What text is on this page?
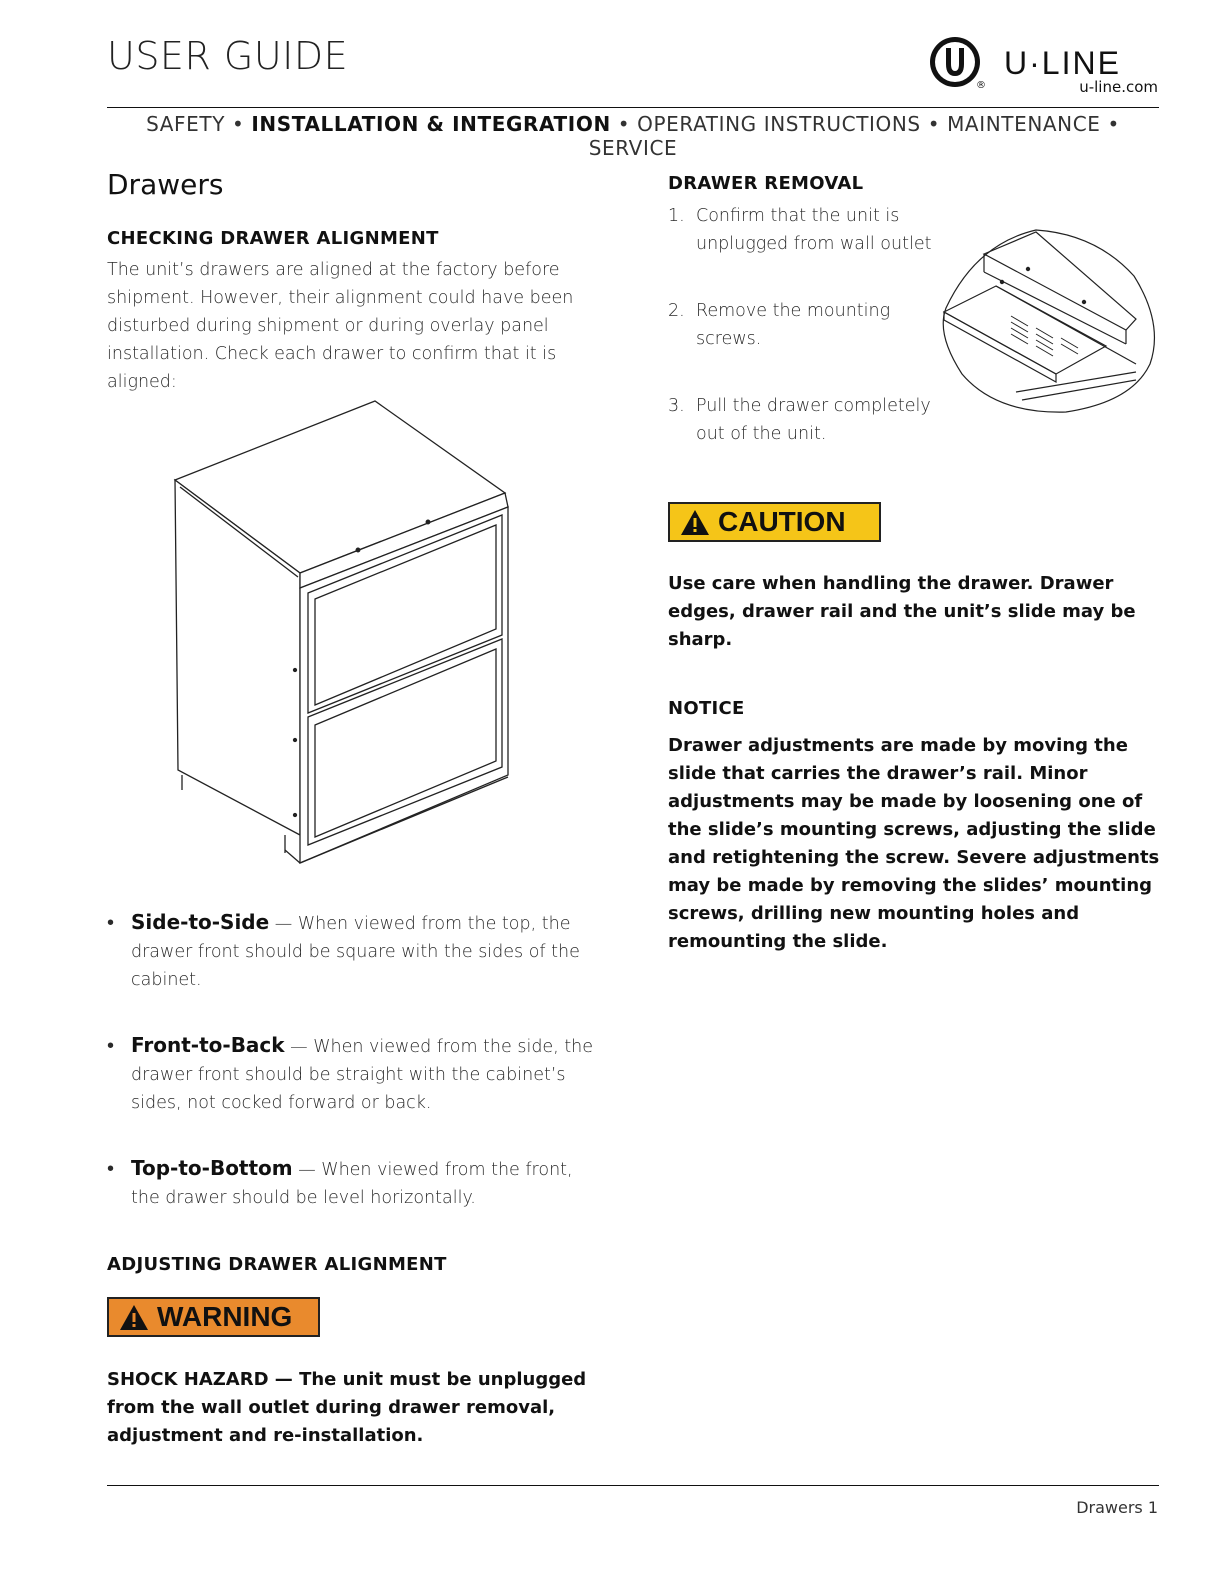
USER GUIDE
®
U·LINE
u-line.com
SAFETY • INSTALLATION & INTEGRATION • OPERATING INSTRUCTIONS • MAINTENANCE • SERVICE
Drawers
CHECKING DRAWER ALIGNMENT
The unit’s drawers are aligned at the factory before shipment. However, their alignment could have been disturbed during shipment or during overlay panel installation. Check each drawer to confirm that it is aligned:
• Side-to-Side — When viewed from the top, the drawer front should be square with the sides of the cabinet.
• Front-to-Back — When viewed from the side, the drawer front should be straight with the cabinet’s sides, not cocked forward or back.
• Top-to-Bottom — When viewed from the front, the drawer should be level horizontally.
ADJUSTING DRAWER ALIGNMENT
WARNING
SHOCK HAZARD — The unit must be unplugged from the wall outlet during drawer removal, adjustment and re-installation.
DRAWER REMOVAL
1. Confirm that the unit is unplugged from wall outlet
2. Remove the mounting screws.
3. Pull the drawer completely out of the unit.
CAUTION
Use care when handling the drawer. Drawer edges, drawer rail and the unit’s slide may be sharp.
NOTICE
Drawer adjustments are made by moving the slide that carries the drawer’s rail. Minor adjustments may be made by loosening one of the slide’s mounting screws, adjusting the slide and retightening the screw. Severe adjustments may be made by removing the slides’ mounting screws, drilling new mounting holes and remounting the slide.
Drawers 1
